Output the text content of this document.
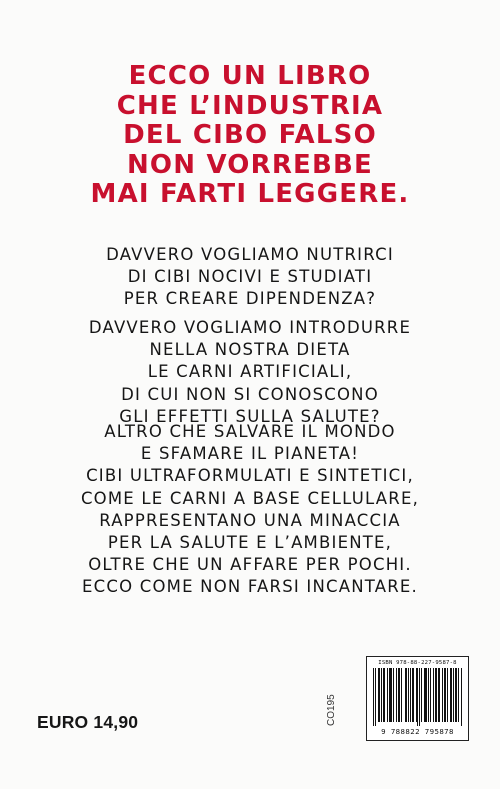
ECCO UN LIBRO
CHE L’INDUSTRIA
DEL CIBO FALSO
NON VORREBBE
MAI FARTI LEGGERE.
DAVVERO VOGLIAMO NUTRIRCI
DI CIBI NOCIVI E STUDIATI
PER CREARE DIPENDENZA?
DAVVERO VOGLIAMO INTRODURRE
NELLA NOSTRA DIETA
LE CARNI ARTIFICIALI,
DI CUI NON SI CONOSCONO
GLI EFFETTI SULLA SALUTE?
ALTRO CHE SALVARE IL MONDO
E SFAMARE IL PIANETA!
CIBI ULTRAFORMULATI E SINTETICI,
COME LE CARNI A BASE CELLULARE,
RAPPRESENTANO UNA MINACCIA
PER LA SALUTE E L’AMBIENTE,
OLTRE CHE UN AFFARE PER POCHI.
ECCO COME NON FARSI INCANTARE.
EURO 14,90	CO195
ISBN 978-88-227-9587-8
9 788822 795878
